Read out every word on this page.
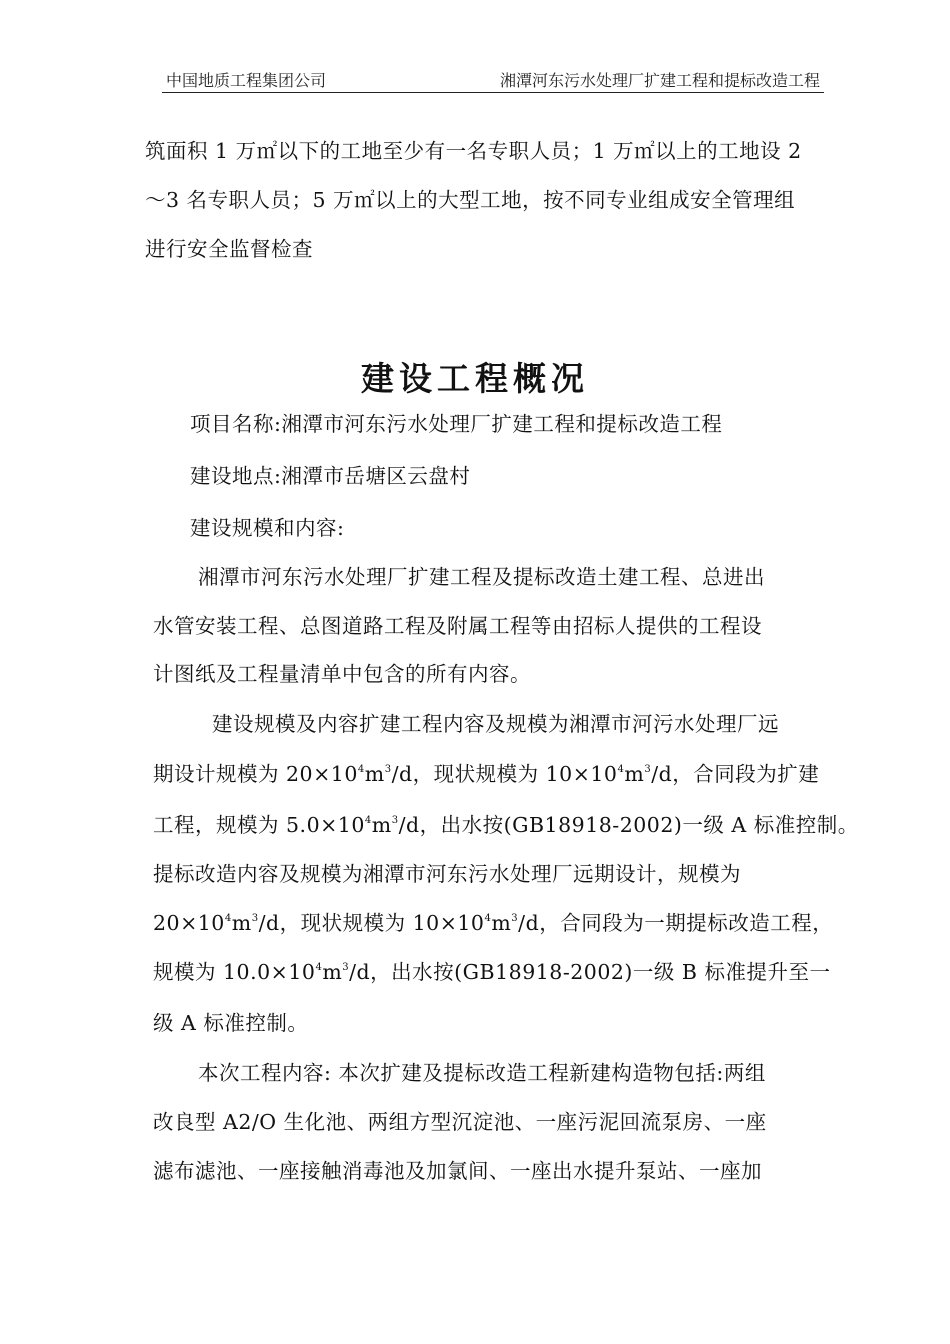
中国地质工程集团公司	湘潭河东污水处理厂扩建工程和提标改造工程
筑面积 1 万㎡以下的工地至少有一名专职人员；1 万㎡以上的工地设 2
～3 名专职人员；5 万㎡以上的大型工地，按不同专业组成安全管理组
进行安全监督检查
建设工程概况
项目名称:湘潭市河东污水处理厂扩建工程和提标改造工程
建设地点:湘潭市岳塘区云盘村
建设规模和内容:
湘潭市河东污水处理厂扩建工程及提标改造土建工程、总进出
水管安装工程、总图道路工程及附属工程等由招标人提供的工程设
计图纸及工程量清单中包含的所有内容。
建设规模及内容扩建工程内容及规模为湘潭市河污水处理厂远
期设计规模为 $20\times 10^4m^3/d$，现状规模为 $10\times 10^4m^3/d$，合同段为扩建
工程，规模为 $5.0\times 10^4m^3/d$，出水按(GB18918-2002)一级 A 标准控制。
提标改造内容及规模为湘潭市河东污水处理厂远期设计，规模为
$20\times 10^4m^3/d$，现状规模为 $10\times 10^4m^3/d$，合同段为一期提标改造工程，
规模为 $10.0\times 10^4m^3/d$，出水按(GB18918-2002)一级 B 标准提升至一
级 A 标准控制。
本次工程内容: 本次扩建及提标改造工程新建构造物包括:两组
改良型 A2/O 生化池、两组方型沉淀池、一座污泥回流泵房、一座
滤布滤池、一座接触消毒池及加氯间、一座出水提升泵站、一座加
